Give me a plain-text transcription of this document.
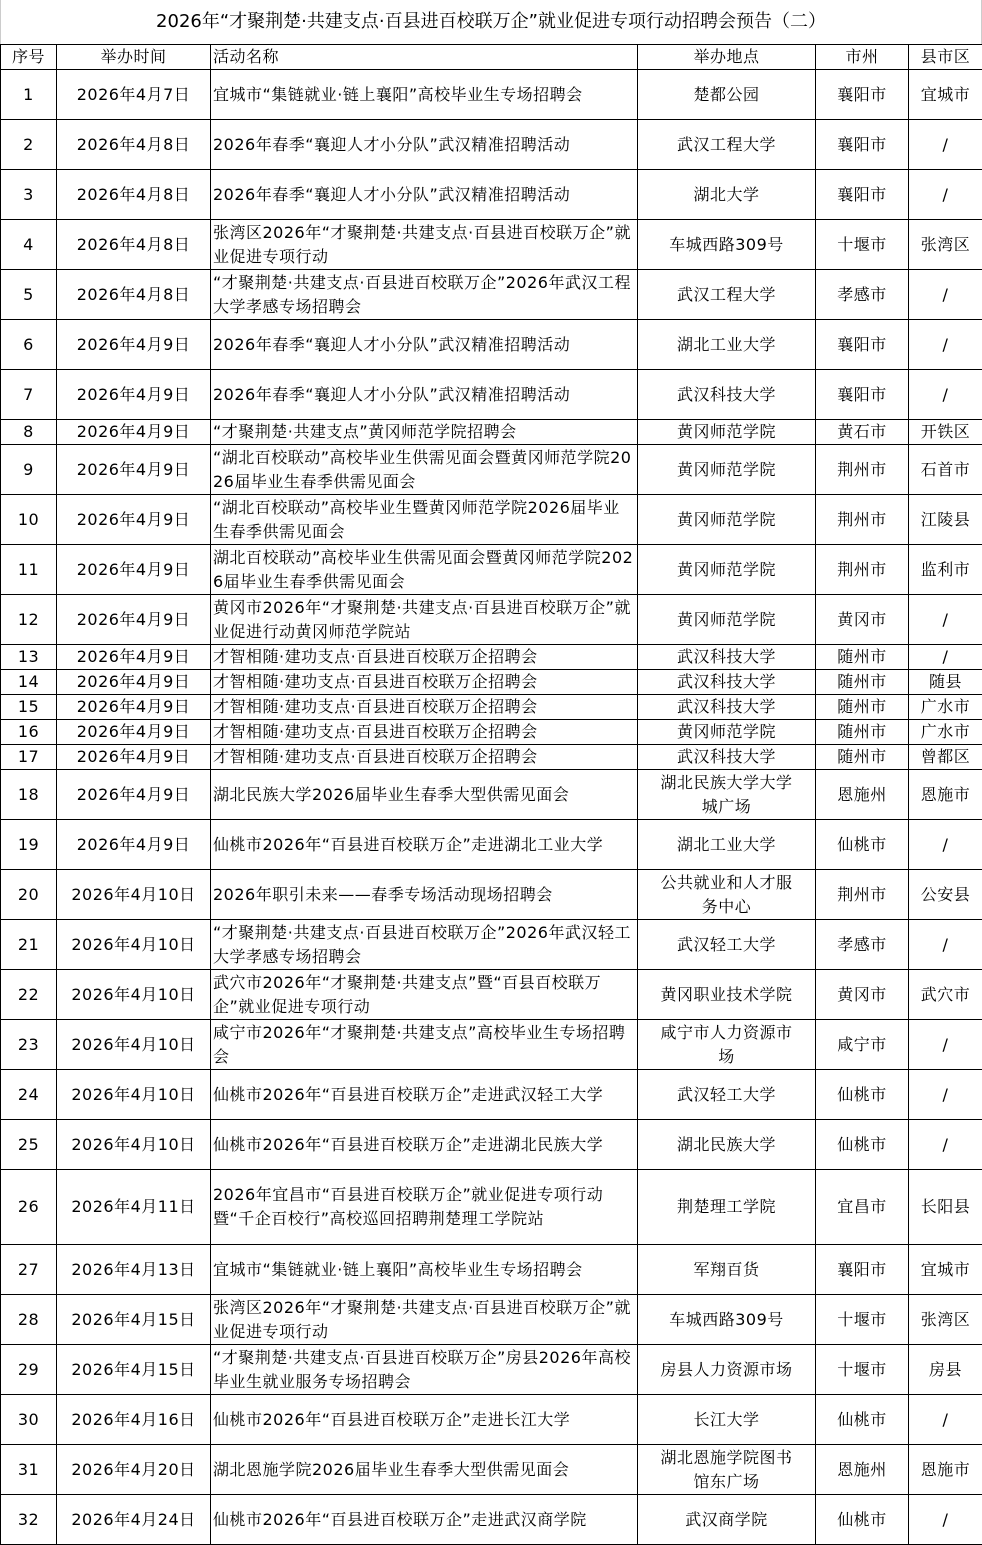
2026年“才聚荆楚·共建支点·百县进百校联万企”就业促进专项行动招聘会预告（二）
序号	举办时间	活动名称	举办地点	市州	县市区
1	2026年4月7日	宜城市“集链就业·链上襄阳”高校毕业生专场招聘会	楚都公园	襄阳市	宜城市
2	2026年4月8日	2026年春季“襄迎人才小分队”武汉精准招聘活动	武汉工程大学	襄阳市	/
3	2026年4月8日	2026年春季“襄迎人才小分队”武汉精准招聘活动	湖北大学	襄阳市	/
4	2026年4月8日	张湾区2026年“才聚荆楚·共建支点·百县进百校联万企”就业促进专项行动	车城西路309号	十堰市	张湾区
5	2026年4月8日	“才聚荆楚·共建支点·百县进百校联万企”2026年武汉工程大学孝感专场招聘会	武汉工程大学	孝感市	/
6	2026年4月9日	2026年春季“襄迎人才小分队”武汉精准招聘活动	湖北工业大学	襄阳市	/
7	2026年4月9日	2026年春季“襄迎人才小分队”武汉精准招聘活动	武汉科技大学	襄阳市	/
8	2026年4月9日	“才聚荆楚·共建支点”黄冈师范学院招聘会	黄冈师范学院	黄石市	开铁区
9	2026年4月9日	“湖北百校联动”高校毕业生供需见面会暨黄冈师范学院2026届毕业生春季供需见面会	黄冈师范学院	荆州市	石首市
10	2026年4月9日	“湖北百校联动”高校毕业生暨黄冈师范学院2026届毕业生春季供需见面会	黄冈师范学院	荆州市	江陵县
11	2026年4月9日	湖北百校联动”高校毕业生供需见面会暨黄冈师范学院2026届毕业生春季供需见面会	黄冈师范学院	荆州市	监利市
12	2026年4月9日	黄冈市2026年“才聚荆楚·共建支点·百县进百校联万企”就业促进行动黄冈师范学院站	黄冈师范学院	黄冈市	/
13	2026年4月9日	才智相随·建功支点·百县进百校联万企招聘会	武汉科技大学	随州市	/
14	2026年4月9日	才智相随·建功支点·百县进百校联万企招聘会	武汉科技大学	随州市	随县
15	2026年4月9日	才智相随·建功支点·百县进百校联万企招聘会	武汉科技大学	随州市	广水市
16	2026年4月9日	才智相随·建功支点·百县进百校联万企招聘会	黄冈师范学院	随州市	广水市
17	2026年4月9日	才智相随·建功支点·百县进百校联万企招聘会	武汉科技大学	随州市	曾都区
18	2026年4月9日	湖北民族大学2026届毕业生春季大型供需见面会	湖北民族大学大学城广场	恩施州	恩施市
19	2026年4月9日	仙桃市2026年“百县进百校联万企”走进湖北工业大学	湖北工业大学	仙桃市	/
20	2026年4月10日	2026年职引未来——春季专场活动现场招聘会	公共就业和人才服务中心	荆州市	公安县
21	2026年4月10日	“才聚荆楚·共建支点·百县进百校联万企”2026年武汉轻工大学孝感专场招聘会	武汉轻工大学	孝感市	/
22	2026年4月10日	武穴市2026年“才聚荆楚·共建支点”暨“百县百校联万企”就业促进专项行动	黄冈职业技术学院	黄冈市	武穴市
23	2026年4月10日	咸宁市2026年“才聚荆楚·共建支点”高校毕业生专场招聘会	咸宁市人力资源市场	咸宁市	/
24	2026年4月10日	仙桃市2026年“百县进百校联万企”走进武汉轻工大学	武汉轻工大学	仙桃市	/
25	2026年4月10日	仙桃市2026年“百县进百校联万企”走进湖北民族大学	湖北民族大学	仙桃市	/
26	2026年4月11日	2026年宜昌市“百县进百校联万企”就业促进专项行动暨“千企百校行”高校巡回招聘荆楚理工学院站	荆楚理工学院	宜昌市	长阳县
27	2026年4月13日	宜城市“集链就业·链上襄阳”高校毕业生专场招聘会	军翔百货	襄阳市	宜城市
28	2026年4月15日	张湾区2026年“才聚荆楚·共建支点·百县进百校联万企”就业促进专项行动	车城西路309号	十堰市	张湾区
29	2026年4月15日	“才聚荆楚·共建支点·百县进百校联万企”房县2026年高校毕业生就业服务专场招聘会	房县人力资源市场	十堰市	房县
30	2026年4月16日	仙桃市2026年“百县进百校联万企”走进长江大学	长江大学	仙桃市	/
31	2026年4月20日	湖北恩施学院2026届毕业生春季大型供需见面会	湖北恩施学院图书馆东广场	恩施州	恩施市
32	2026年4月24日	仙桃市2026年“百县进百校联万企”走进武汉商学院	武汉商学院	仙桃市	/
